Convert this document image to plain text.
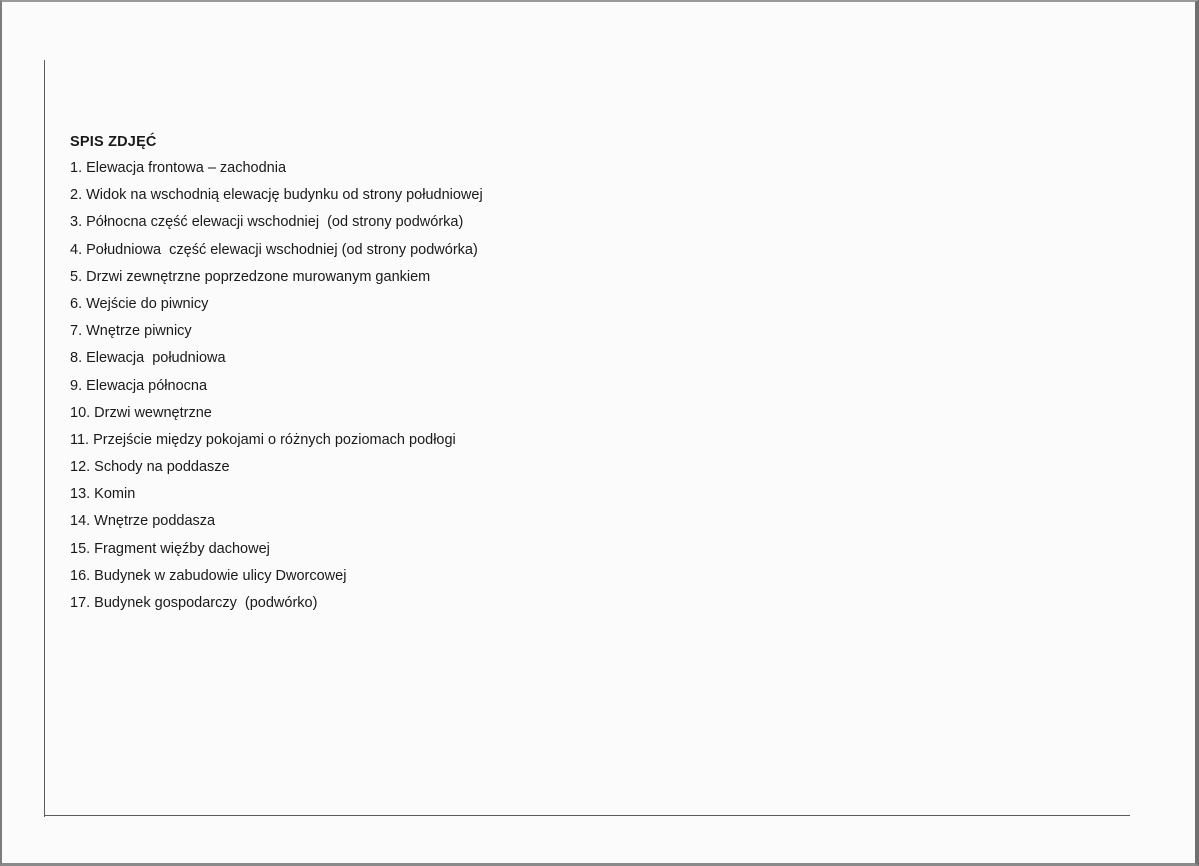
SPIS ZDJĘĆ
1. Elewacja frontowa – zachodnia
2. Widok na wschodnią elewację budynku od strony południowej
3. Północna część elewacji wschodniej  (od strony podwórka)
4. Południowa  część elewacji wschodniej (od strony podwórka)
5. Drzwi zewnętrzne poprzedzone murowanym gankiem
6. Wejście do piwnicy
7. Wnętrze piwnicy
8. Elewacja  południowa
9. Elewacja północna
10. Drzwi wewnętrzne
11. Przejście między pokojami o różnych poziomach podłogi
12. Schody na poddasze
13. Komin
14. Wnętrze poddasza
15. Fragment więźby dachowej
16. Budynek w zabudowie ulicy Dworcowej
17. Budynek gospodarczy  (podwórko)
